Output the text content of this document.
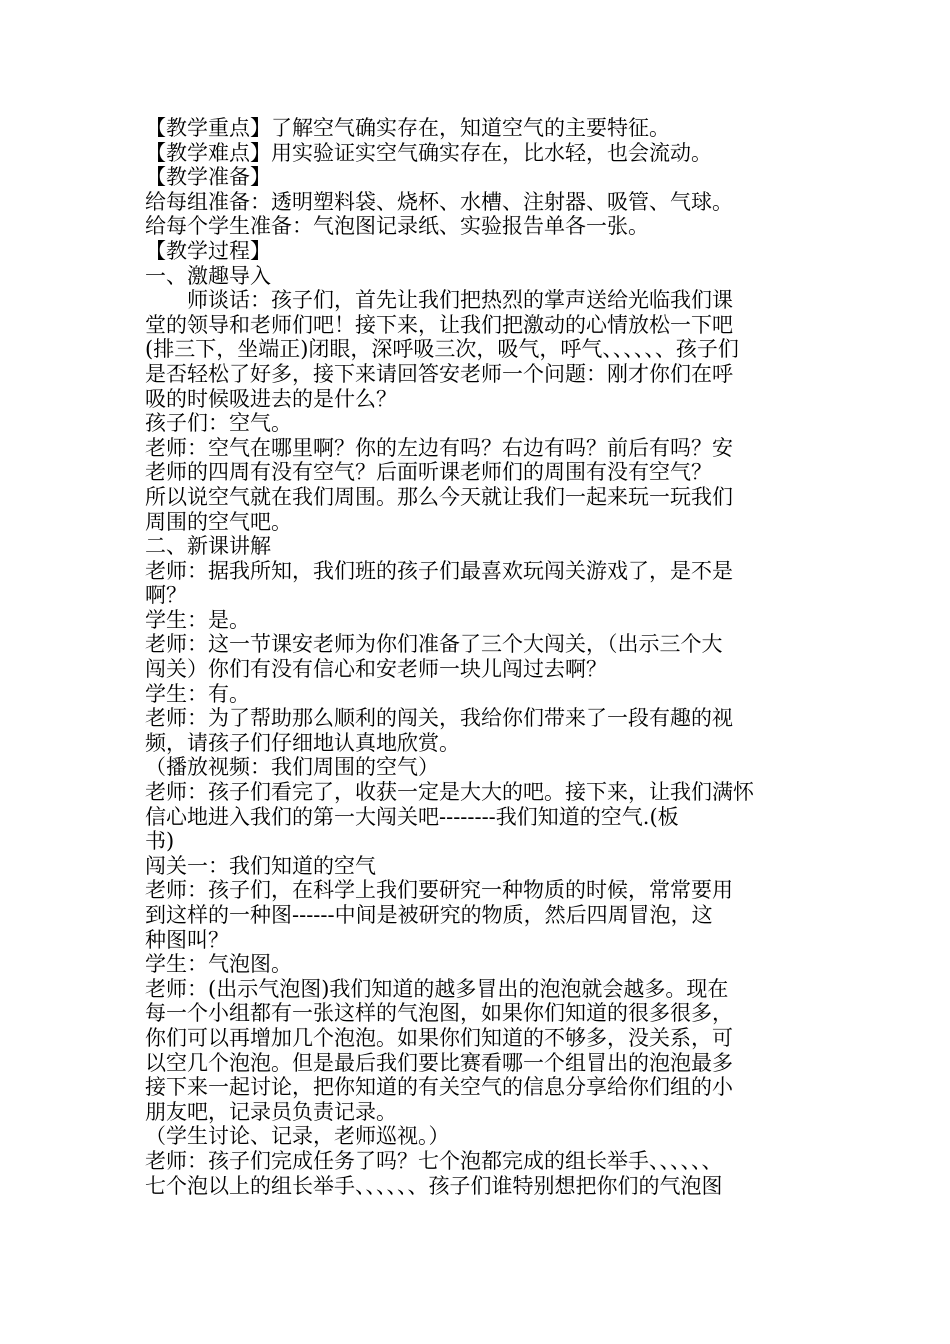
【教学重点】了解空气确实存在，知道空气的主要特征。
【教学难点】用实验证实空气确实存在，比水轻，也会流动。
【教学准备】
给每组准备：透明塑料袋、烧杯、水槽、注射器、吸管、气球。
给每个学生准备：气泡图记录纸、实验报告单各一张。
【教学过程】
一、激趣导入
师谈话：孩子们，首先让我们把热烈的掌声送给光临我们课
堂的领导和老师们吧！接下来，让我们把激动的心情放松一下吧
(排三下，坐端正)闭眼，深呼吸三次，吸气，呼气、、、、、、孩子们
是否轻松了好多，接下来请回答安老师一个问题：刚才你们在呼
吸的时候吸进去的是什么？
孩子们：空气。
老师：空气在哪里啊？你的左边有吗？右边有吗？前后有吗？安
老师的四周有没有空气？后面听课老师们的周围有没有空气？
所以说空气就在我们周围。那么今天就让我们一起来玩一玩我们
周围的空气吧。
二、新课讲解
老师：据我所知，我们班的孩子们最喜欢玩闯关游戏了，是不是
啊？
学生：是。
老师：这一节课安老师为你们准备了三个大闯关，（出示三个大
闯关）你们有没有信心和安老师一块儿闯过去啊？
学生：有。
老师：为了帮助那么顺利的闯关，我给你们带来了一段有趣的视
频，请孩子们仔细地认真地欣赏。
（播放视频：我们周围的空气）
老师：孩子们看完了，收获一定是大大的吧。接下来，让我们满怀
信心地进入我们的第一大闯关吧--------我们知道的空气.(板
书)
闯关一：我们知道的空气
老师：孩子们，在科学上我们要研究一种物质的时候，常常要用
到这样的一种图------中间是被研究的物质，然后四周冒泡，这
种图叫？
学生：气泡图。
老师：(出示气泡图)我们知道的越多冒出的泡泡就会越多。现在
每一个小组都有一张这样的气泡图，如果你们知道的很多很多，
你们可以再增加几个泡泡。如果你们知道的不够多，没关系，可
以空几个泡泡。但是最后我们要比赛看哪一个组冒出的泡泡最多
接下来一起讨论，把你知道的有关空气的信息分享给你们组的小
朋友吧，记录员负责记录。
（学生讨论、记录，老师巡视。）
老师：孩子们完成任务了吗？七个泡都完成的组长举手、、、、、、
七个泡以上的组长举手、、、、、、孩子们谁特别想把你们的气泡图
